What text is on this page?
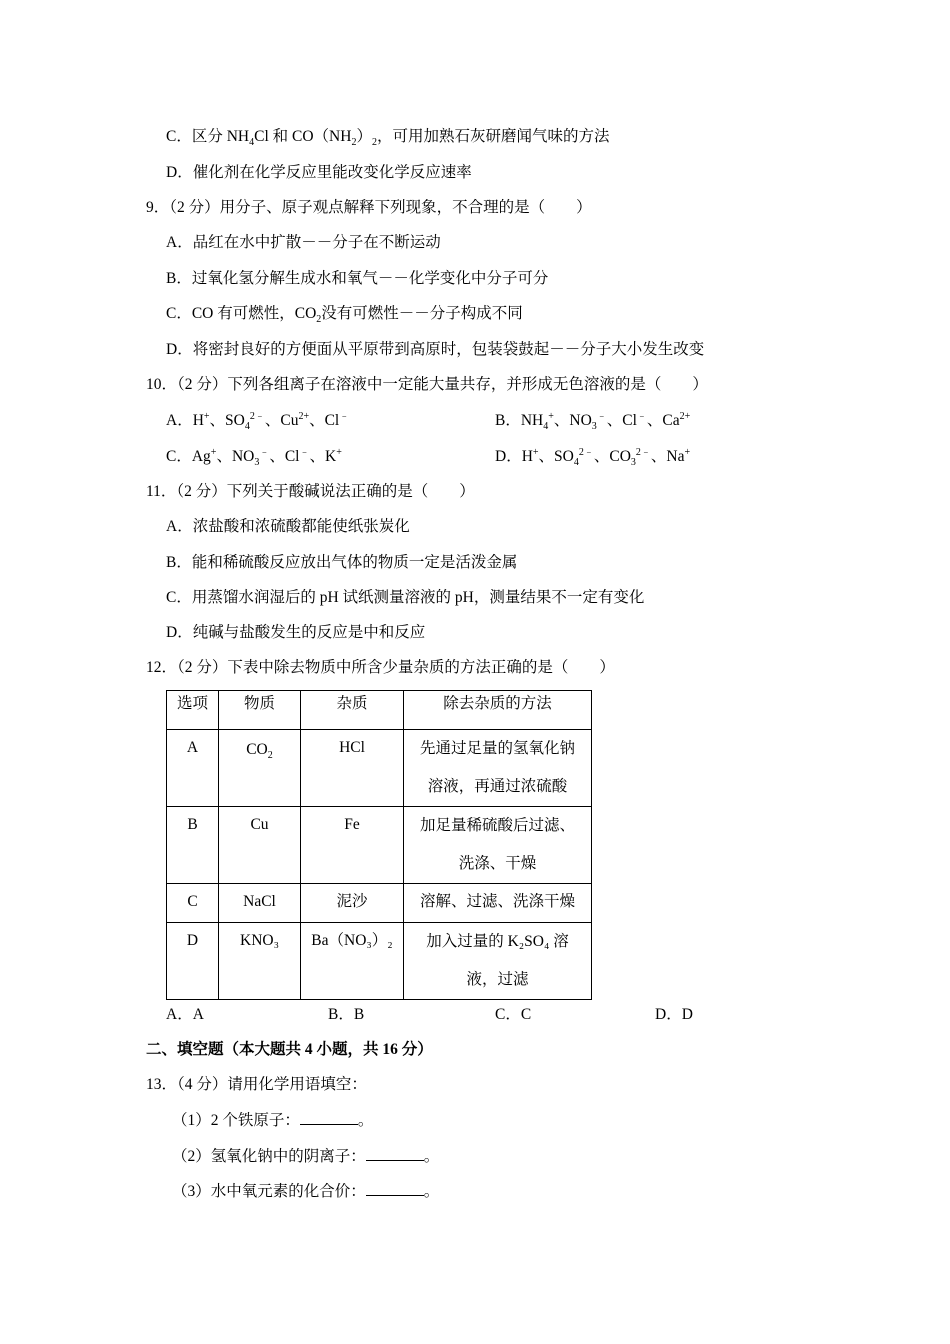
C．区分 $NH_4Cl$ 和 $CO(NH_2)_2$，可用加熟石灰研磨闻气味的方法
D．催化剂在化学反应里能改变化学反应速率
9．（2 分）用分子、原子观点解释下列现象，不合理的是（　　）
A．品红在水中扩散－－分子在不断运动
B．过氧化氢分解生成水和氧气－－化学变化中分子可分
C．CO 有可燃性，$CO_2$没有可燃性－－分子构成不同
D．将密封良好的方便面从平原带到高原时，包装袋鼓起－－分子大小发生改变
10．（2 分）下列各组离子在溶液中一定能大量共存，并形成无色溶液的是（　　）
A．H+、$SO_4^{2﹣}$、$Cu^{2+}$、Cl﹣	B．$NH_4^+$、$NO_3^﹣$、Cl﹣、$Ca^{2+}$
C．Ag+、$NO_3^﹣$、Cl﹣、K+	D．H+、$SO_4^{2﹣}$、$CO_3^{2﹣}$、Na+
11．（2 分）下列关于酸碱说法正确的是（　　）
A．浓盐酸和浓硫酸都能使纸张炭化
B．能和稀硫酸反应放出气体的物质一定是活泼金属
C．用蒸馏水润湿后的 pH 试纸测量溶液的 pH，测量结果不一定有变化
D．纯碱与盐酸发生的反应是中和反应
12．（2 分）下表中除去物质中所含少量杂质的方法正确的是（　　）
选项	物质	杂质	除去杂质的方法

A	$CO_2$	HCl	先通过足量的氢氧化钠
溶液，再通过浓硫酸

B	Cu	Fe	加足量稀硫酸后过滤、
洗涤、干燥

C	NaCl	泥沙	溶解、过滤、洗涤干燥

D	KNO₃	Ba（NO₃）₂	加入过量的 K₂SO₄ 溶
液，过滤
A．A	B．B	C．C	D．D
二、填空题（本大题共 4 小题，共 16 分）
13．（4 分）请用化学用语填空：
（1）2 个铁原子：	。
（2）氢氧化钠中的阴离子：	。
（3）水中氧元素的化合价：	。
